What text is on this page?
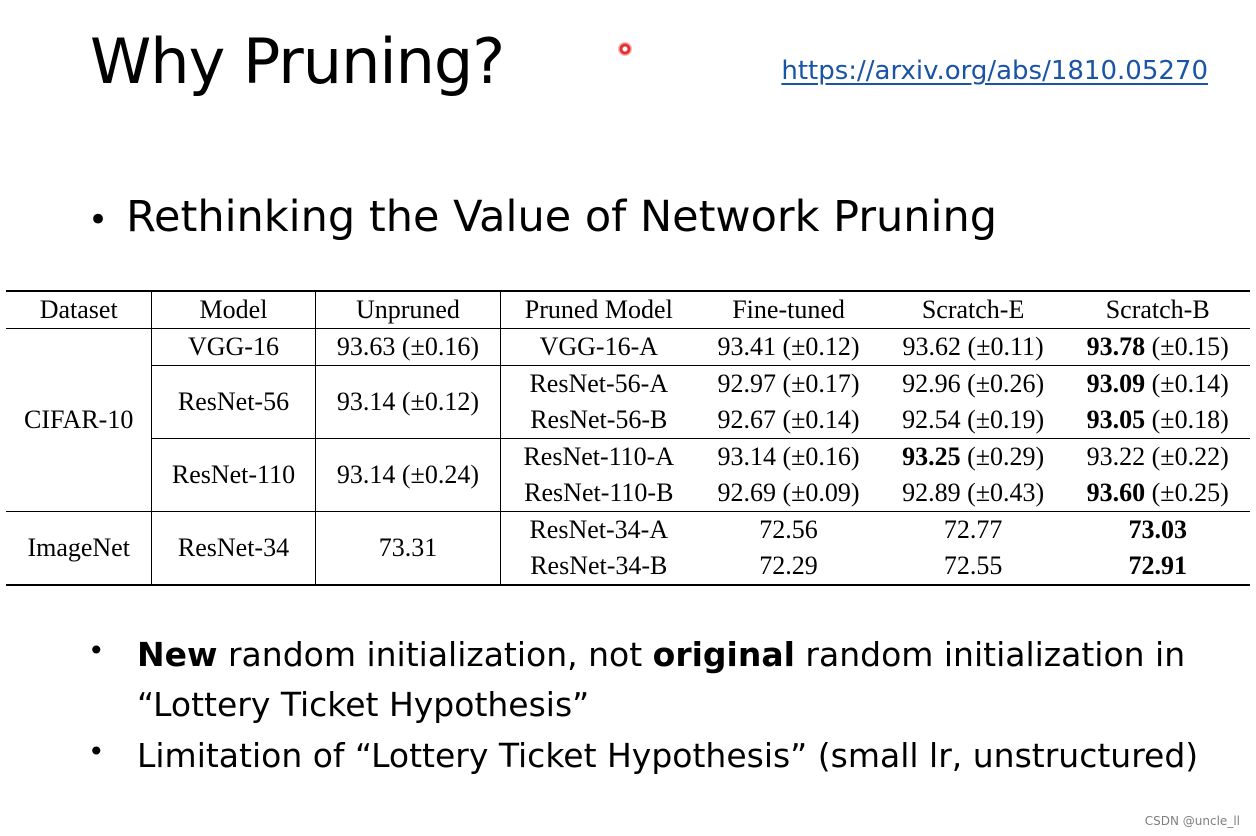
Why Pruning?	https://arxiv.org/abs/1810.05270
• Rethinking the Value of Network Pruning
Dataset	Model	Unpruned	Pruned Model	Fine-tuned	Scratch-E	Scratch-B
CIFAR-10	VGG-16	93.63 (±0.16)	VGG-16-A	93.41 (±0.12)	93.62 (±0.11)	93.78 (±0.15)
	ResNet-56	93.14 (±0.12)	ResNet-56-A	92.97 (±0.17)	92.96 (±0.26)	93.09 (±0.14)
			ResNet-56-B	92.67 (±0.14)	92.54 (±0.19)	93.05 (±0.18)
	ResNet-110	93.14 (±0.24)	ResNet-110-A	93.14 (±0.16)	93.25 (±0.29)	93.22 (±0.22)
			ResNet-110-B	92.69 (±0.09)	92.89 (±0.43)	93.60 (±0.25)
ImageNet	ResNet-34	73.31	ResNet-34-A	72.56	72.77	73.03
			ResNet-34-B	72.29	72.55	72.91
• New random initialization, not original random initialization in “Lottery Ticket Hypothesis”
• Limitation of “Lottery Ticket Hypothesis” (small lr, unstructured)
CSDN @uncle_ll
